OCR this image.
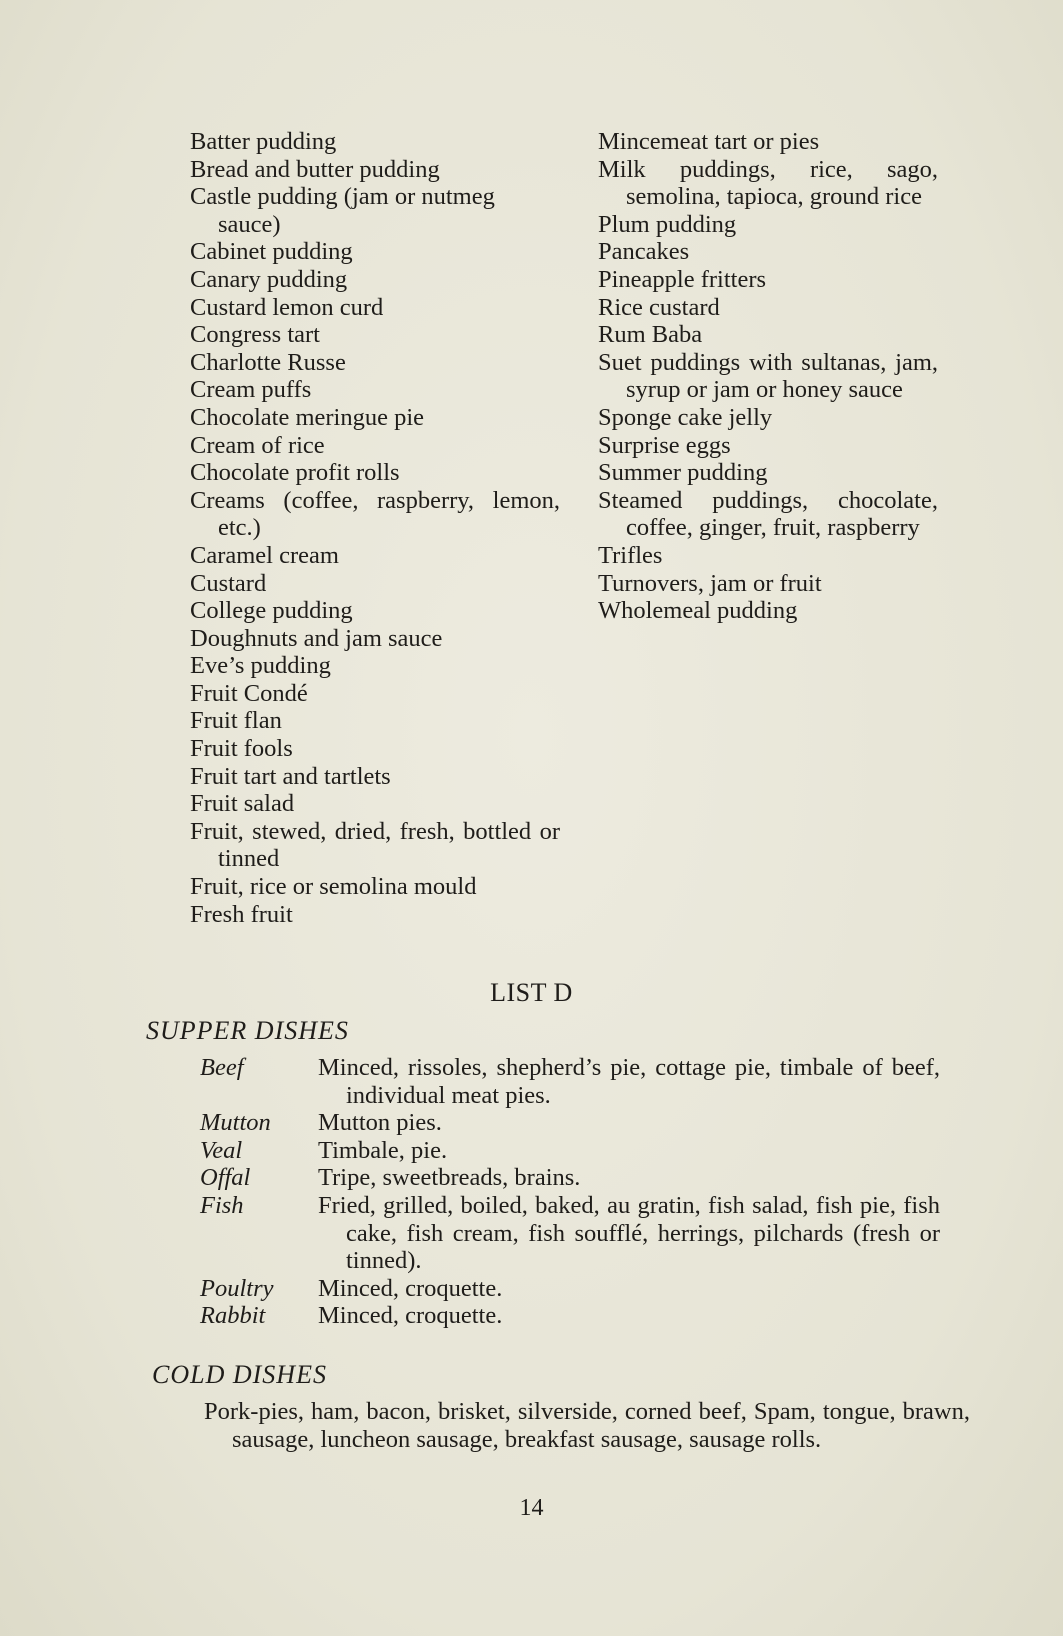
Batter pudding
Bread and butter pudding
Castle pudding (jam or nutmeg sauce)
Cabinet pudding
Canary pudding
Custard lemon curd
Congress tart
Charlotte Russe
Cream puffs
Chocolate meringue pie
Cream of rice
Chocolate profit rolls
Creams (coffee, raspberry, lemon, etc.)
Caramel cream
Custard
College pudding
Doughnuts and jam sauce
Eve’s pudding
Fruit Condé
Fruit flan
Fruit fools
Fruit tart and tartlets
Fruit salad
Fruit, stewed, dried, fresh, bottled or tinned
Fruit, rice or semolina mould
Fresh fruit
Mincemeat tart or pies
Milk puddings, rice, sago, semolina, tapioca, ground rice
Plum pudding
Pancakes
Pineapple fritters
Rice custard
Rum Baba
Suet puddings with sultanas, jam, syrup or jam or honey sauce
Sponge cake jelly
Surprise eggs
Summer pudding
Steamed puddings, chocolate, coffee, ginger, fruit, raspberry
Trifles
Turnovers, jam or fruit
Wholemeal pudding
LIST D
SUPPER DISHES
Beef	Minced, rissoles, shepherd’s pie, cottage pie, timbale of beef, individual meat pies.
Mutton	Mutton pies.
Veal	Timbale, pie.
Offal	Tripe, sweetbreads, brains.
Fish	Fried, grilled, boiled, baked, au gratin, fish salad, fish pie, fish cake, fish cream, fish soufflé, herrings, pilchards (fresh or tinned).
Poultry	Minced, croquette.
Rabbit	Minced, croquette.
COLD DISHES
Pork-pies, ham, bacon, brisket, silverside, corned beef, Spam, tongue, brawn, sausage, luncheon sausage, breakfast sausage, sausage rolls.
14
